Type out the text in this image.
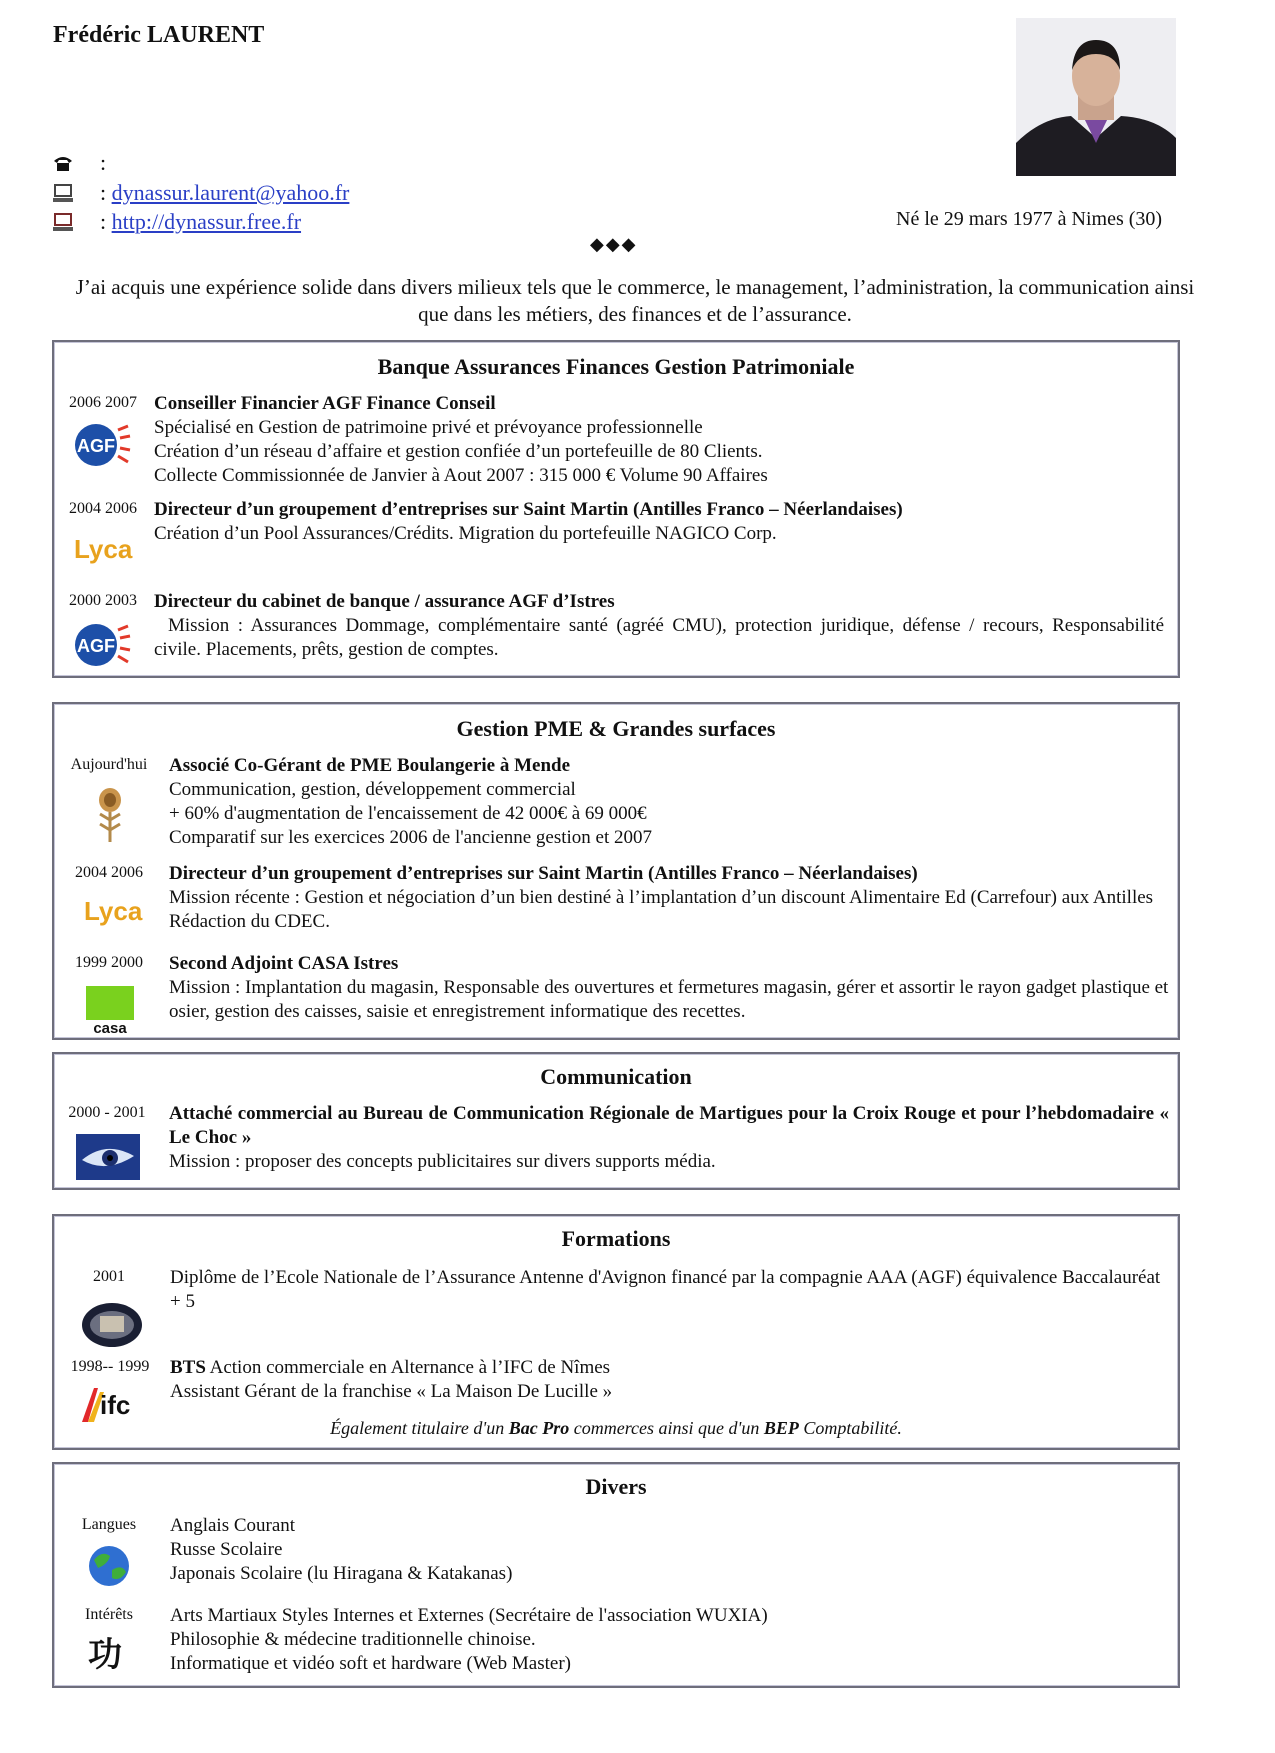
Frédéric LAURENT
:
:
dynassur.laurent@yahoo.fr
:
http://dynassur.free.fr	Né le 29 mars 1977 à Nimes (30)
◆◆◆
J’ai acquis une expérience solide dans divers milieux tels que le commerce, le management, l’administration, la communication ainsi que dans les métiers, des finances et de l’assurance.
Banque Assurances Finances Gestion Patrimoniale
2006 2007
AGF
Conseiller Financier AGF Finance Conseil
Spécialisé en Gestion de patrimoine privé et prévoyance professionnelle
Création d’un réseau d’affaire et gestion confiée d’un portefeuille de 80 Clients.
Collecte Commissionnée de Janvier à Aout 2007 : 315 000 € Volume 90 Affaires
2004 2006
Lyca
Directeur d’un groupement d’entreprises sur Saint Martin (Antilles Franco – Néerlandaises)
Création d’un Pool Assurances/Crédits. Migration du portefeuille NAGICO Corp.
2000 2003
AGF
Directeur du cabinet de banque / assurance AGF d’Istres
Mission : Assurances Dommage, complémentaire santé (agréé CMU), protection juridique, défense / recours, Responsabilité civile. Placements, prêts, gestion de comptes.
Gestion PME & Grandes surfaces
Aujourd'hui Associé Co-Gérant de PME Boulangerie à Mende
Communication, gestion, développement commercial
+ 60% d'augmentation de l'encaissement de 42 000€ à 69 000€
Comparatif sur les exercices 2006 de l'ancienne gestion et 2007
2004 2006
Lyca
Directeur d’un groupement d’entreprises sur Saint Martin (Antilles Franco – Néerlandaises)
Mission récente : Gestion et négociation d’un bien destiné à l’implantation d’un discount Alimentaire Ed (Carrefour) aux Antilles Rédaction du CDEC.
1999 2000
casa
Second Adjoint CASA Istres
Mission : Implantation du magasin, Responsable des ouvertures et fermetures magasin, gérer et assortir le rayon gadget plastique et osier, gestion des caisses, saisie et enregistrement informatique des recettes.
Communication
2000 - 2001 Attaché commercial au Bureau de Communication Régionale de Martigues pour la Croix Rouge et pour l’hebdomadaire « Le Choc »
Mission : proposer des concepts publicitaires sur divers supports média.
Formations
2001	Diplôme de l’Ecole Nationale de l’Assurance Antenne d'Avignon financé par la compagnie AAA (AGF) équivalence Baccalauréat + 5
1998-- 1999
ifc
BTS Action commerciale en Alternance à l’IFC de Nîmes
Assistant Gérant de la franchise « La Maison De Lucille »
Également titulaire d'un Bac Pro commerces ainsi que d'un BEP Comptabilité.
Divers
Langues	Anglais Courant
Russe Scolaire
Japonais Scolaire (lu Hiragana & Katakanas)
Intérêts
功
Arts Martiaux Styles Internes et Externes (Secrétaire de l'association WUXIA)
Philosophie & médecine traditionnelle chinoise.
Informatique et vidéo soft et hardware (Web Master)
